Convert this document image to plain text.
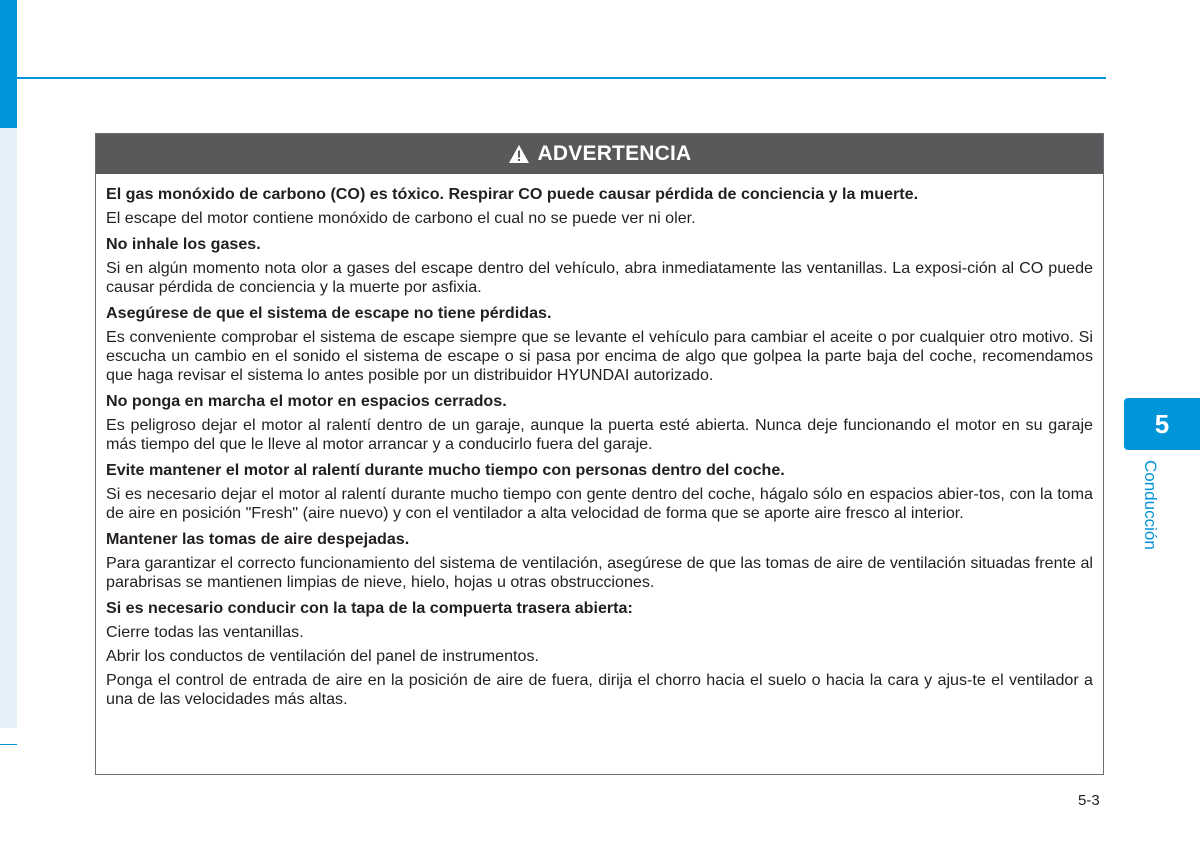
ADVERTENCIA

El gas monóxido de carbono (CO) es tóxico. Respirar CO puede causar pérdida de conciencia y la muerte.

El escape del motor contiene monóxido de carbono el cual no se puede ver ni oler.

No inhale los gases.

Si en algún momento nota olor a gases del escape dentro del vehículo, abra inmediatamente las ventanillas. La exposi-ción al CO puede causar pérdida de conciencia y la muerte por asfixia.

Asegúrese de que el sistema de escape no tiene pérdidas.

Es conveniente comprobar el sistema de escape siempre que se levante el vehículo para cambiar el aceite o por cualquier otro motivo. Si escucha un cambio en el sonido el sistema de escape o si pasa por encima de algo que golpea la parte baja del coche, recomendamos que haga revisar el sistema lo antes posible por un distribuidor HYUNDAI autorizado.

No ponga en marcha el motor en espacios cerrados.

Es peligroso dejar el motor al ralentí dentro de un garaje, aunque la puerta esté abierta. Nunca deje funcionando el motor en su garaje más tiempo del que le lleve al motor arrancar y a conducirlo fuera del garaje.

Evite mantener el motor al ralentí durante mucho tiempo con personas dentro del coche.

Si es necesario dejar el motor al ralentí durante mucho tiempo con gente dentro del coche, hágalo sólo en espacios abier-tos, con la toma de aire en posición "Fresh" (aire nuevo) y con el ventilador a alta velocidad de forma que se aporte aire fresco al interior.

Mantener las tomas de aire despejadas.

Para garantizar el correcto funcionamiento del sistema de ventilación, asegúrese de que las tomas de aire de ventilación situadas frente al parabrisas se mantienen limpias de nieve, hielo, hojas u otras obstrucciones.

Si es necesario conducir con la tapa de la compuerta trasera abierta:

Cierre todas las ventanillas.

Abrir los conductos de ventilación del panel de instrumentos.

Ponga el control de entrada de aire en la posición de aire de fuera, dirija el chorro hacia el suelo o hacia la cara y ajus-te el ventilador a una de las velocidades más altas.

5
Conducción
5-3
